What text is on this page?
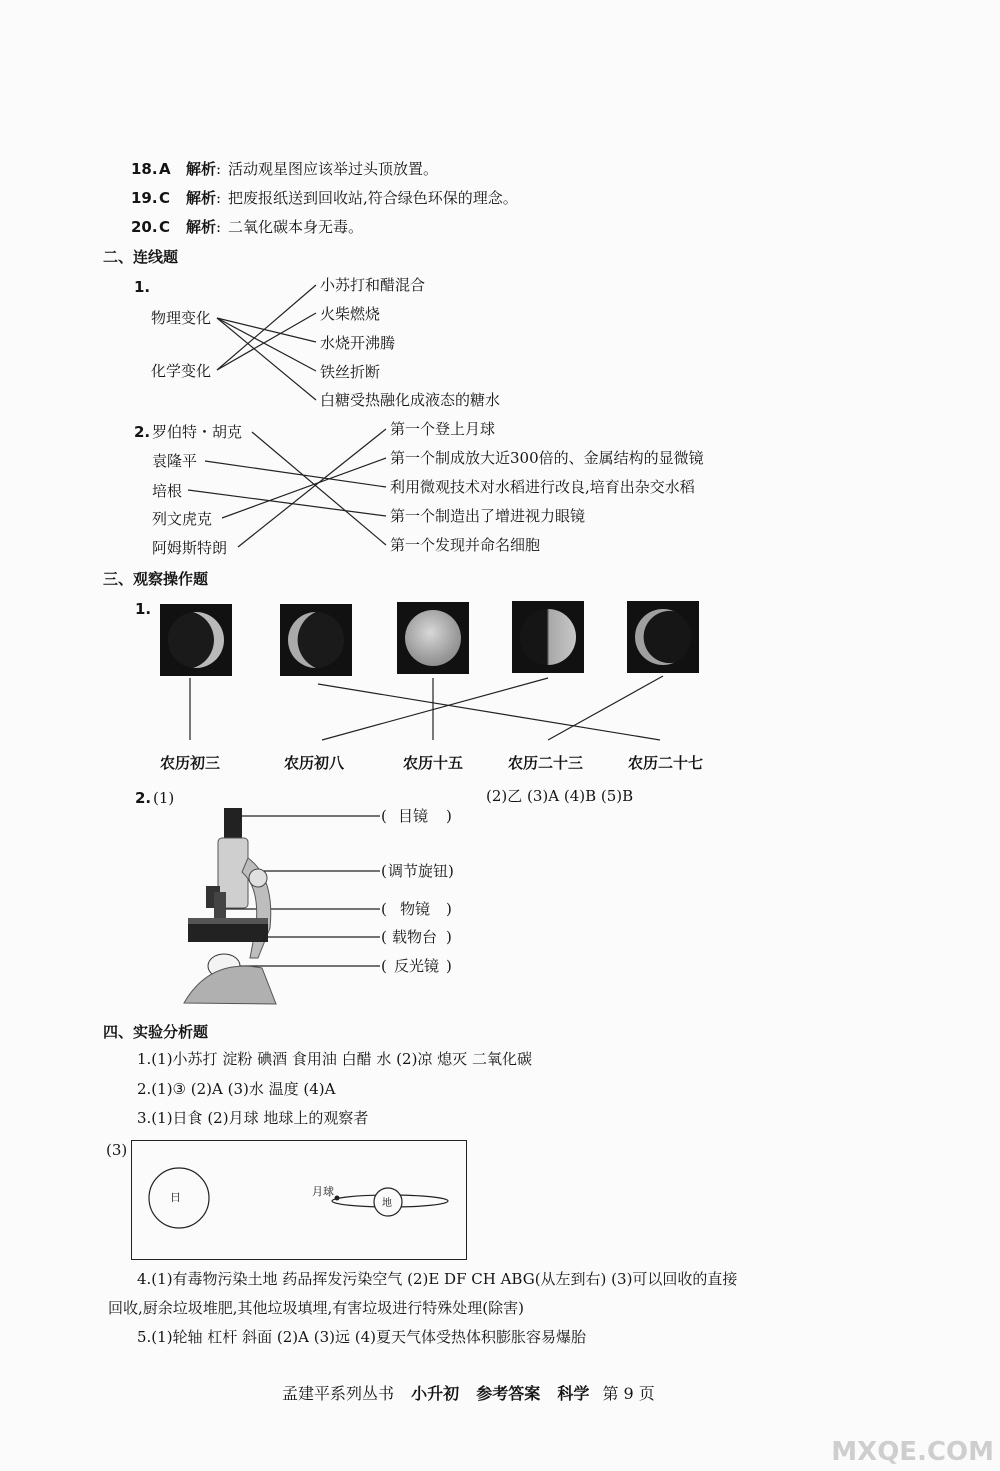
18. A 解析 : 活动观星图应该举过头顶放置。
19. C 解析 : 把废报纸送到回收站,符合绿色环保的理念。
20. C 解析 : 二氧化碳本身无毒。
二、连线题
1.
物理变化
化学变化
小苏打和醋混合
火柴燃烧
水烧开沸腾
铁丝折断
白糖受热融化成液态的糖水
2. 罗伯特・胡克
袁隆平
培根
列文虎克
阿姆斯特朗
第一个登上月球
第一个制成放大近300倍的、金属结构的显微镜
利用微观技术对水稻进行改良,培育出杂交水稻
第一个制造出了增进视力眼镜
第一个发现并命名细胞
三、观察操作题
1.
农历初三	农历初八	农历十五	农历二十三	农历二十七
2. (1)	(2)乙 (3)A (4)B (5)B
( 目镜 )
( 调节旋钮 )
( 物镜 )
( 载物台 )
( 反光镜 )
四、实验分析题
1.(1)小苏打 淀粉 碘酒 食用油 白醋 水 (2)凉 熄灭 二氧化碳
2.(1)③ (2)A (3)水 温度 (4)A
3.(1)日食 (2)月球 地球上的观察者
(3)
日	月球
地
4.(1)有毒物污染土地 药品挥发污染空气 (2)E DF CH ABG(从左到右) (3)可以回收的直接
回收,厨余垃圾堆肥,其他垃圾填埋,有害垃圾进行特殊处理(除害)
5.(1)轮轴 杠杆 斜面 (2)A (3)远 (4)夏天气体受热体积膨胀容易爆胎
孟建平系列丛书 小升初 参考答案 科学 第 9 页
MXQE.COM
